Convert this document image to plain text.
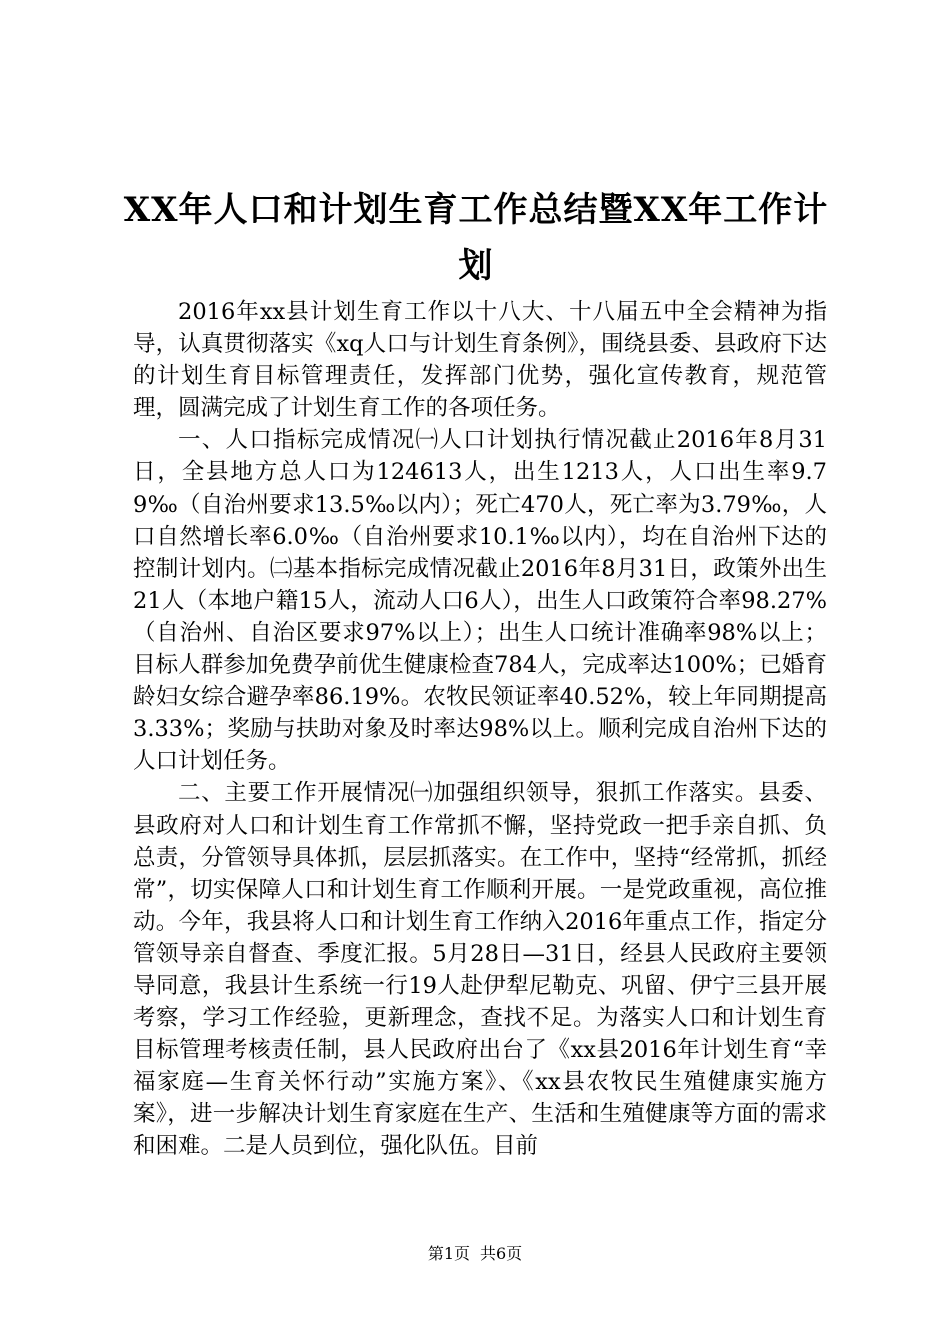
XX年人口和计划生育工作总结暨XX年工作计划

2016年xx县计划生育工作以十八大、十八届五中全会精神为指导，认真贯彻落实《xq人口与计划生育条例》，围绕县委、县政府下达的计划生育目标管理责任，发挥部门优势，强化宣传教育，规范管理，圆满完成了计划生育工作的各项任务。

一、人口指标完成情况㈠人口计划执行情况截止2016年8月31日，全县地方总人口为124613人，出生1213人，人口出生率9.79‰（自治州要求13.5‰以内）；死亡470人，死亡率为3.79‰，人口自然增长率6.0‰（自治州要求10.1‰以内），均在自治州下达的控制计划内。㈡基本指标完成情况截止2016年8月31日，政策外出生21人（本地户籍15人，流动人口6人），出生人口政策符合率98.27%（自治州、自治区要求97%以上）；出生人口统计准确率98%以上；目标人群参加免费孕前优生健康检查784人，完成率达100%；已婚育龄妇女综合避孕率86.19%。农牧民领证率40.52%，较上年同期提高3.33%；奖励与扶助对象及时率达98%以上。顺利完成自治州下达的人口计划任务。

二、主要工作开展情况㈠加强组织领导，狠抓工作落实。县委、县政府对人口和计划生育工作常抓不懈，坚持党政一把手亲自抓、负总责，分管领导具体抓，层层抓落实。在工作中，坚持“经常抓，抓经常”，切实保障人口和计划生育工作顺利开展。一是党政重视，高位推动。今年，我县将人口和计划生育工作纳入2016年重点工作，指定分管领导亲自督查、季度汇报。5月28日—31日，经县人民政府主要领导同意，我县计生系统一行19人赴伊犁尼勒克、巩留、伊宁三县开展考察，学习工作经验，更新理念，查找不足。为落实人口和计划生育目标管理考核责任制，县人民政府出台了《xx县2016年计划生育“幸福家庭—生育关怀行动”实施方案》、《xx县农牧民生殖健康实施方案》，进一步解决计划生育家庭在生产、生活和生殖健康等方面的需求和困难。二是人员到位，强化队伍。目前

第1页 共6页
